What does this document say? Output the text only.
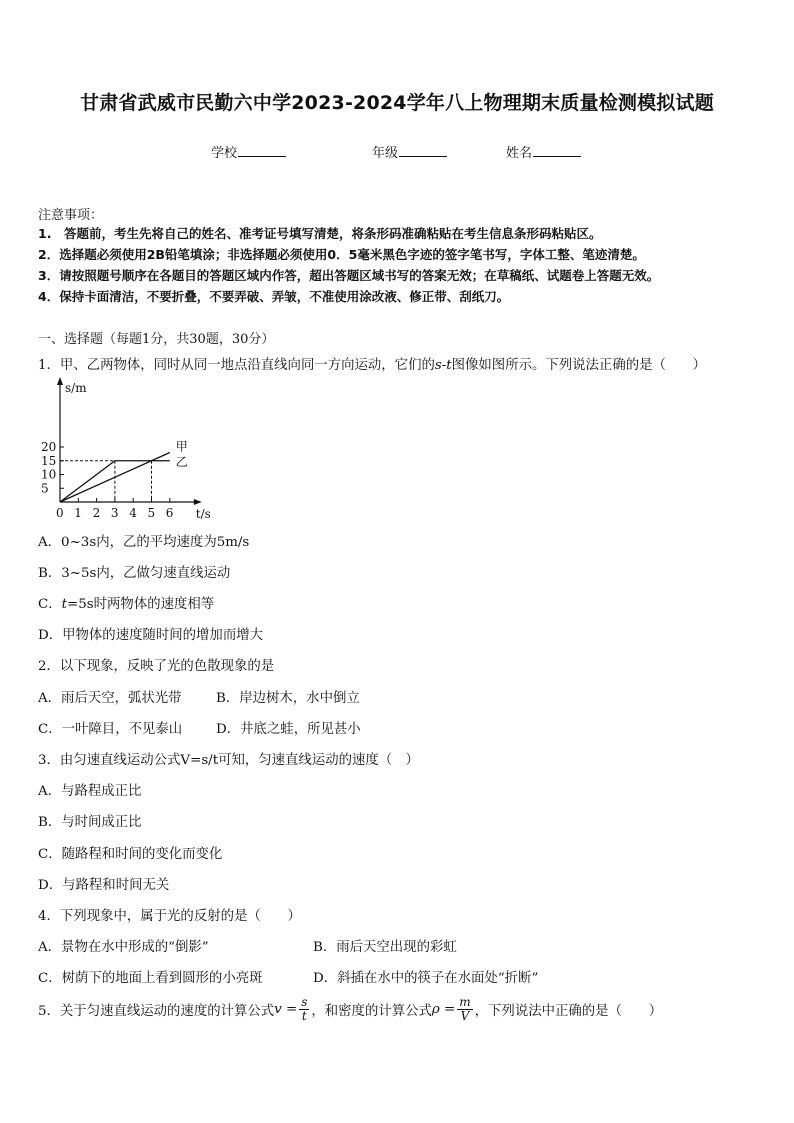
甘肃省武威市民勤六中学2023-2024学年八上物理期末质量检测模拟试题
学校	年级	姓名
注意事项：
1.　答题前，考生先将自己的姓名、准考证号填写清楚，将条形码准确粘贴在考生信息条形码粘贴区。
2．选择题必须使用2B铅笔填涂；非选择题必须使用0．5毫米黑色字迹的签字笔书写，字体工整、笔迹清楚。
3．请按照题号顺序在各题目的答题区域内作答，超出答题区域书写的答案无效；在草稿纸、试题卷上答题无效。
4．保持卡面清洁，不要折叠，不要弄破、弄皱，不准使用涂改液、修正带、刮纸刀。
一、选择题（每题1分，共30题，30分）
1．甲、乙两物体，同时从同一地点沿直线向同一方向运动，它们的s-t图像如图所示。下列说法正确的是（　　）
s/m
t/s
0 1 2 3 4 5 6
5
10
15
20	甲
乙
A．0~3s内，乙的平均速度为5m/s
B．3~5s内，乙做匀速直线运动
C．t=5s时两物体的速度相等
D．甲物体的速度随时间的增加而增大
2．以下现象，反映了光的色散现象的是
A．雨后天空，弧状光带	B．岸边树木，水中倒立
C．一叶障目，不见泰山	D．井底之蛙，所见甚小
3．由匀速直线运动公式V=s/t可知，匀速直线运动的速度（　）
A．与路程成正比
B．与时间成正比
C．随路程和时间的变化而变化
D．与路程和时间无关
4．下列现象中，属于光的反射的是（　　）
A．景物在水中形成的“倒影”	B．雨后天空出现的彩虹
C．树荫下的地面上看到圆形的小亮斑	D．斜插在水中的筷子在水面处“折断”
5．关于匀速直线运动的速度的计算公式$v = \frac{s}{t}$ ，和密度的计算公式$\rho = \frac{m}{V}$ ，下列说法中正确的是（　　）
